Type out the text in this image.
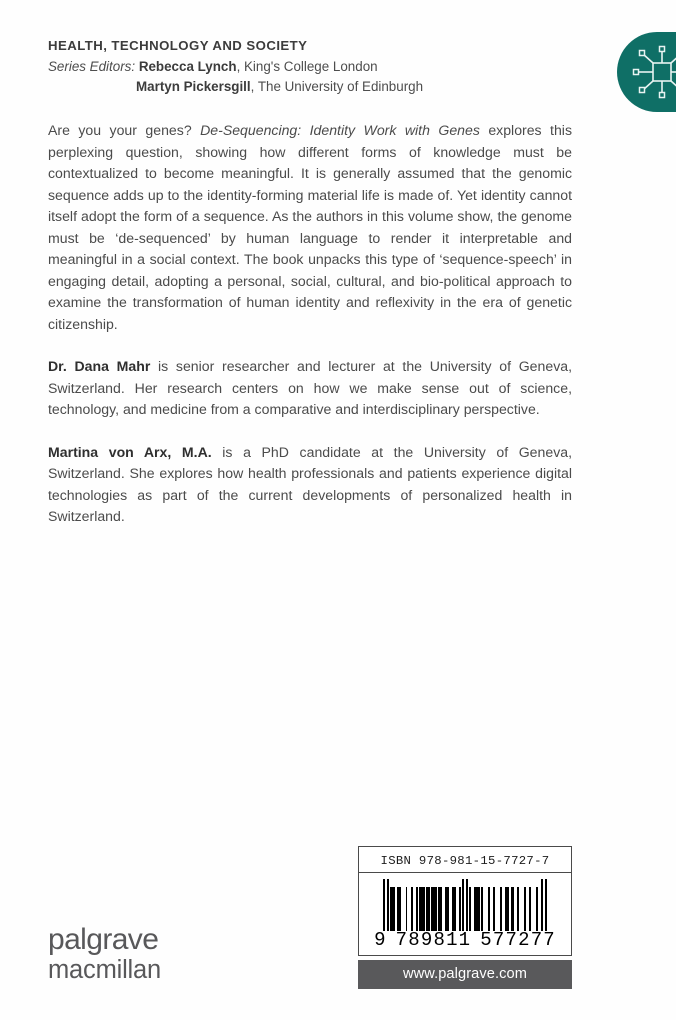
HEALTH, TECHNOLOGY AND SOCIETY

Series Editors: Rebecca Lynch, King's College London

Martyn Pickersgill, The University of Edinburgh

Are you your genes? De-Sequencing: Identity Work with Genes explores this perplexing question, showing how different forms of knowledge must be contextualized to become meaningful. It is generally assumed that the genomic sequence adds up to the identity-forming material life is made of. Yet identity cannot itself adopt the form of a sequence. As the authors in this volume show, the genome must be ‘de-sequenced’ by human language to render it interpretable and meaningful in a social context. The book unpacks this type of ‘sequence-speech’ in engaging detail, adopting a personal, social, cultural, and bio-political approach to examine the transformation of human identity and reflexivity in the era of genetic citizenship.

Dr. Dana Mahr is senior researcher and lecturer at the University of Geneva, Switzerland. Her research centers on how we make sense out of science, technology, and medicine from a comparative and interdisciplinary perspective.

Martina von Arx, M.A. is a PhD candidate at the University of Geneva, Switzerland. She explores how health professionals and patients experience digital technologies as part of the current developments of personalized health in Switzerland.

palgrave
macmillan
ISBN 978-981-15-7727-7
9 789811 577277
www.palgrave.com
